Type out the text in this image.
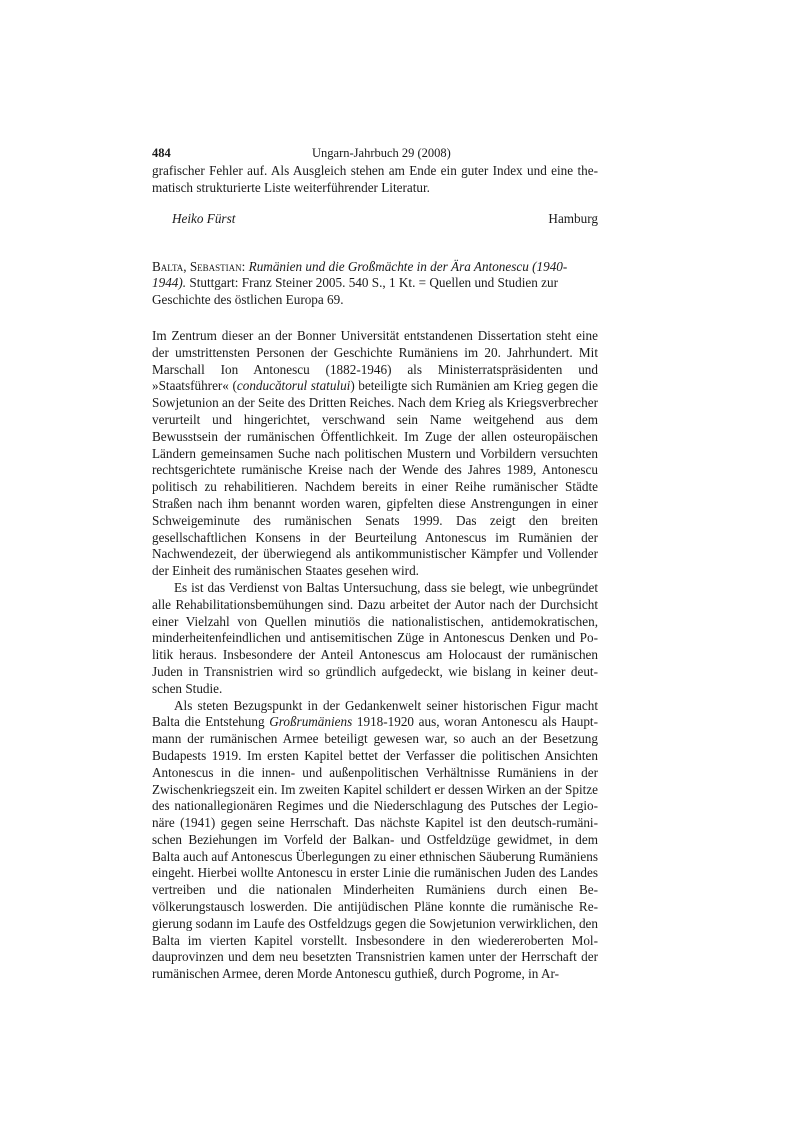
484	Ungarn-Jahrbuch 29 (2008)

grafischer Fehler auf. Als Ausgleich stehen am Ende ein guter Index und eine thematisch strukturierte Liste weiterführender Literatur.

Heiko Fürst	Hamburg

Balta, Sebastian: Rumänien und die Großmächte in der Ära Antonescu (1940-1944). Stuttgart: Franz Steiner 2005. 540 S., 1 Kt. = Quellen und Studien zur Geschichte des östlichen Europa 69.

Im Zentrum dieser an der Bonner Universität entstandenen Dissertation steht eine der umstrittensten Personen der Geschichte Rumäniens im 20. Jahrhundert. Mit Marschall Ion Antonescu (1882-1946) als Ministerratspräsidenten und »Staatsführer« (conducătorul statului) beteiligte sich Rumänien am Krieg gegen die Sowjetunion an der Seite des Dritten Reiches. Nach dem Krieg als Kriegsverbrecher verurteilt und hingerichtet, verschwand sein Name weitgehend aus dem Bewusstsein der rumänischen Öffentlichkeit. Im Zuge der allen osteuropäischen Ländern gemeinsamen Suche nach politischen Mustern und Vorbildern versuchten rechtsgerichtete rumänische Kreise nach der Wende des Jahres 1989, Antonescu politisch zu rehabilitieren. Nachdem bereits in einer Reihe rumänischer Städte Straßen nach ihm benannt worden waren, gipfelten diese Anstrengungen in einer Schweigeminute des rumänischen Senats 1999. Das zeigt den breiten gesellschaftlichen Konsens in der Beurteilung Antonescus im Rumänien der Nachwendezeit, der überwiegend als antikommunistischer Kämpfer und Vollender der Einheit des rumänischen Staates gesehen wird.

Es ist das Verdienst von Baltas Untersuchung, dass sie belegt, wie unbegründet alle Rehabilitationsbemühungen sind. Dazu arbeitet der Autor nach der Durchsicht einer Vielzahl von Quellen minutiös die nationalistischen, antidemokratischen, minderheitenfeindlichen und antisemitischen Züge in Antonescus Denken und Politik heraus. Insbesondere der Anteil Antonescus am Holocaust der rumänischen Juden in Transnistrien wird so gründlich aufgedeckt, wie bislang in keiner deutschen Studie.

Als steten Bezugspunkt in der Gedankenwelt seiner historischen Figur macht Balta die Entstehung Großrumäniens 1918-1920 aus, woran Antonescu als Hauptmann der rumänischen Armee beteiligt gewesen war, so auch an der Besetzung Budapests 1919. Im ersten Kapitel bettet der Verfasser die politischen Ansichten Antonescus in die innen- und außenpolitischen Verhältnisse Rumäniens in der Zwischenkriegszeit ein. Im zweiten Kapitel schildert er dessen Wirken an der Spitze des nationallegionären Regimes und die Niederschlagung des Putsches der Legionäre (1941) gegen seine Herrschaft. Das nächste Kapitel ist den deutsch-rumänischen Beziehungen im Vorfeld der Balkan- und Ostfeldzüge gewidmet, in dem Balta auch auf Antonescus Überlegungen zu einer ethnischen Säuberung Rumäniens eingeht. Hierbei wollte Antonescu in erster Linie die rumänischen Juden des Landes vertreiben und die nationalen Minderheiten Rumäniens durch einen Bevölkerungstausch loswerden. Die antijüdischen Pläne konnte die rumänische Regierung sodann im Laufe des Ostfeldzugs gegen die Sowjetunion verwirklichen, den Balta im vierten Kapitel vorstellt. Insbesondere in den wiedereroberten Moldauprovinzen und dem neu besetzten Transnistrien kamen unter der Herrschaft der rumänischen Armee, deren Morde Antonescu guthieß, durch Pogrome, in Ar-
